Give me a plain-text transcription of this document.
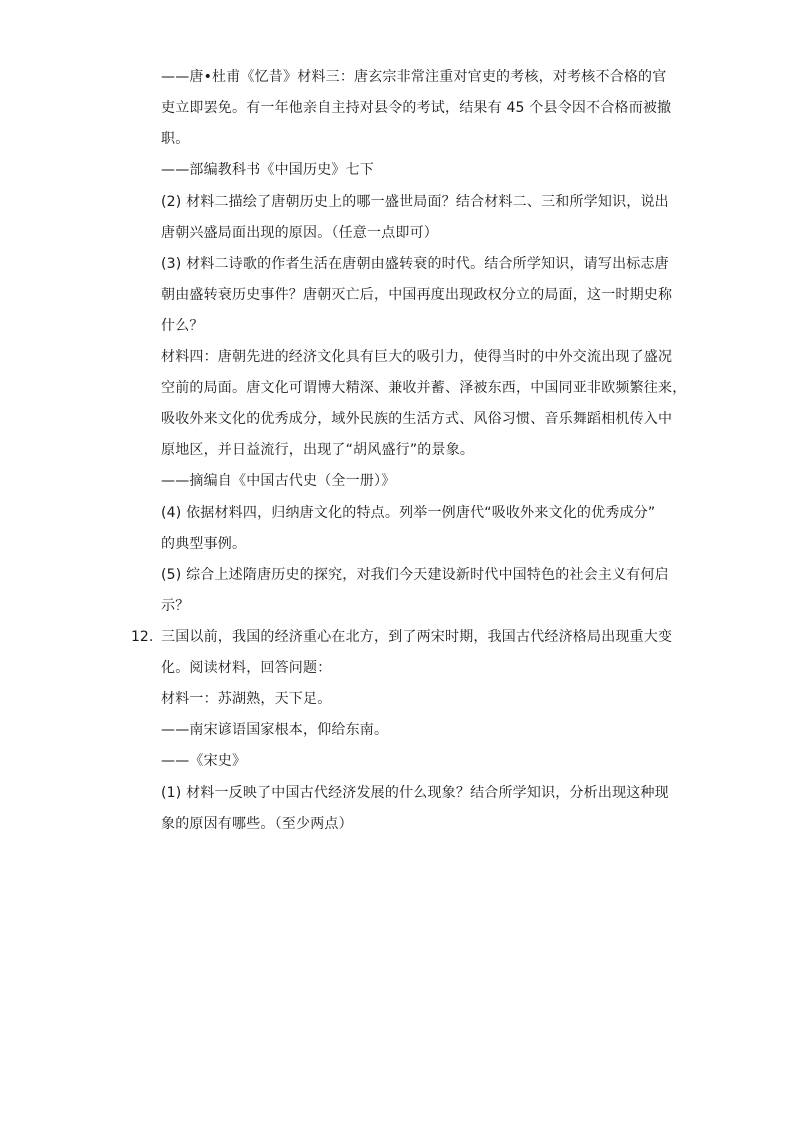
——唐•杜甫《忆昔》材料三：唐玄宗非常注重对官吏的考核，对考核不合格的官
吏立即罢免。有一年他亲自主持对县令的考试，结果有 45 个县令因不合格而被撤
职。
——部编教科书《中国历史》七下
(2) 材料二描绘了唐朝历史上的哪一盛世局面？结合材料二、三和所学知识，说出
唐朝兴盛局面出现的原因。（任意一点即可）
(3) 材料二诗歌的作者生活在唐朝由盛转衰的时代。结合所学知识，请写出标志唐
朝由盛转衰历史事件？唐朝灭亡后，中国再度出现政权分立的局面，这一时期史称
什么？
材料四：唐朝先进的经济文化具有巨大的吸引力，使得当时的中外交流出现了盛况
空前的局面。唐文化可谓博大精深、兼收并蓄、泽被东西，中国同亚非欧频繁往来，
吸收外来文化的优秀成分，域外民族的生活方式、风俗习惯、音乐舞蹈相机传入中
原地区，并日益流行，出现了“胡风盛行”的景象。
——摘编自《中国古代史（全一册）》
(4) 依据材料四，归纳唐文化的特点。列举一例唐代“吸收外来文化的优秀成分”
的典型事例。
(5) 综合上述隋唐历史的探究，对我们今天建设新时代中国特色的社会主义有何启
示？
12. 三国以前，我国的经济重心在北方，到了两宋时期，我国古代经济格局出现重大变
化。阅读材料，回答问题：
材料一：苏湖熟，天下足。
——南宋谚语国家根本，仰给东南。
——《宋史》
(1) 材料一反映了中国古代经济发展的什么现象？结合所学知识，分析出现这种现
象的原因有哪些。（至少两点）
